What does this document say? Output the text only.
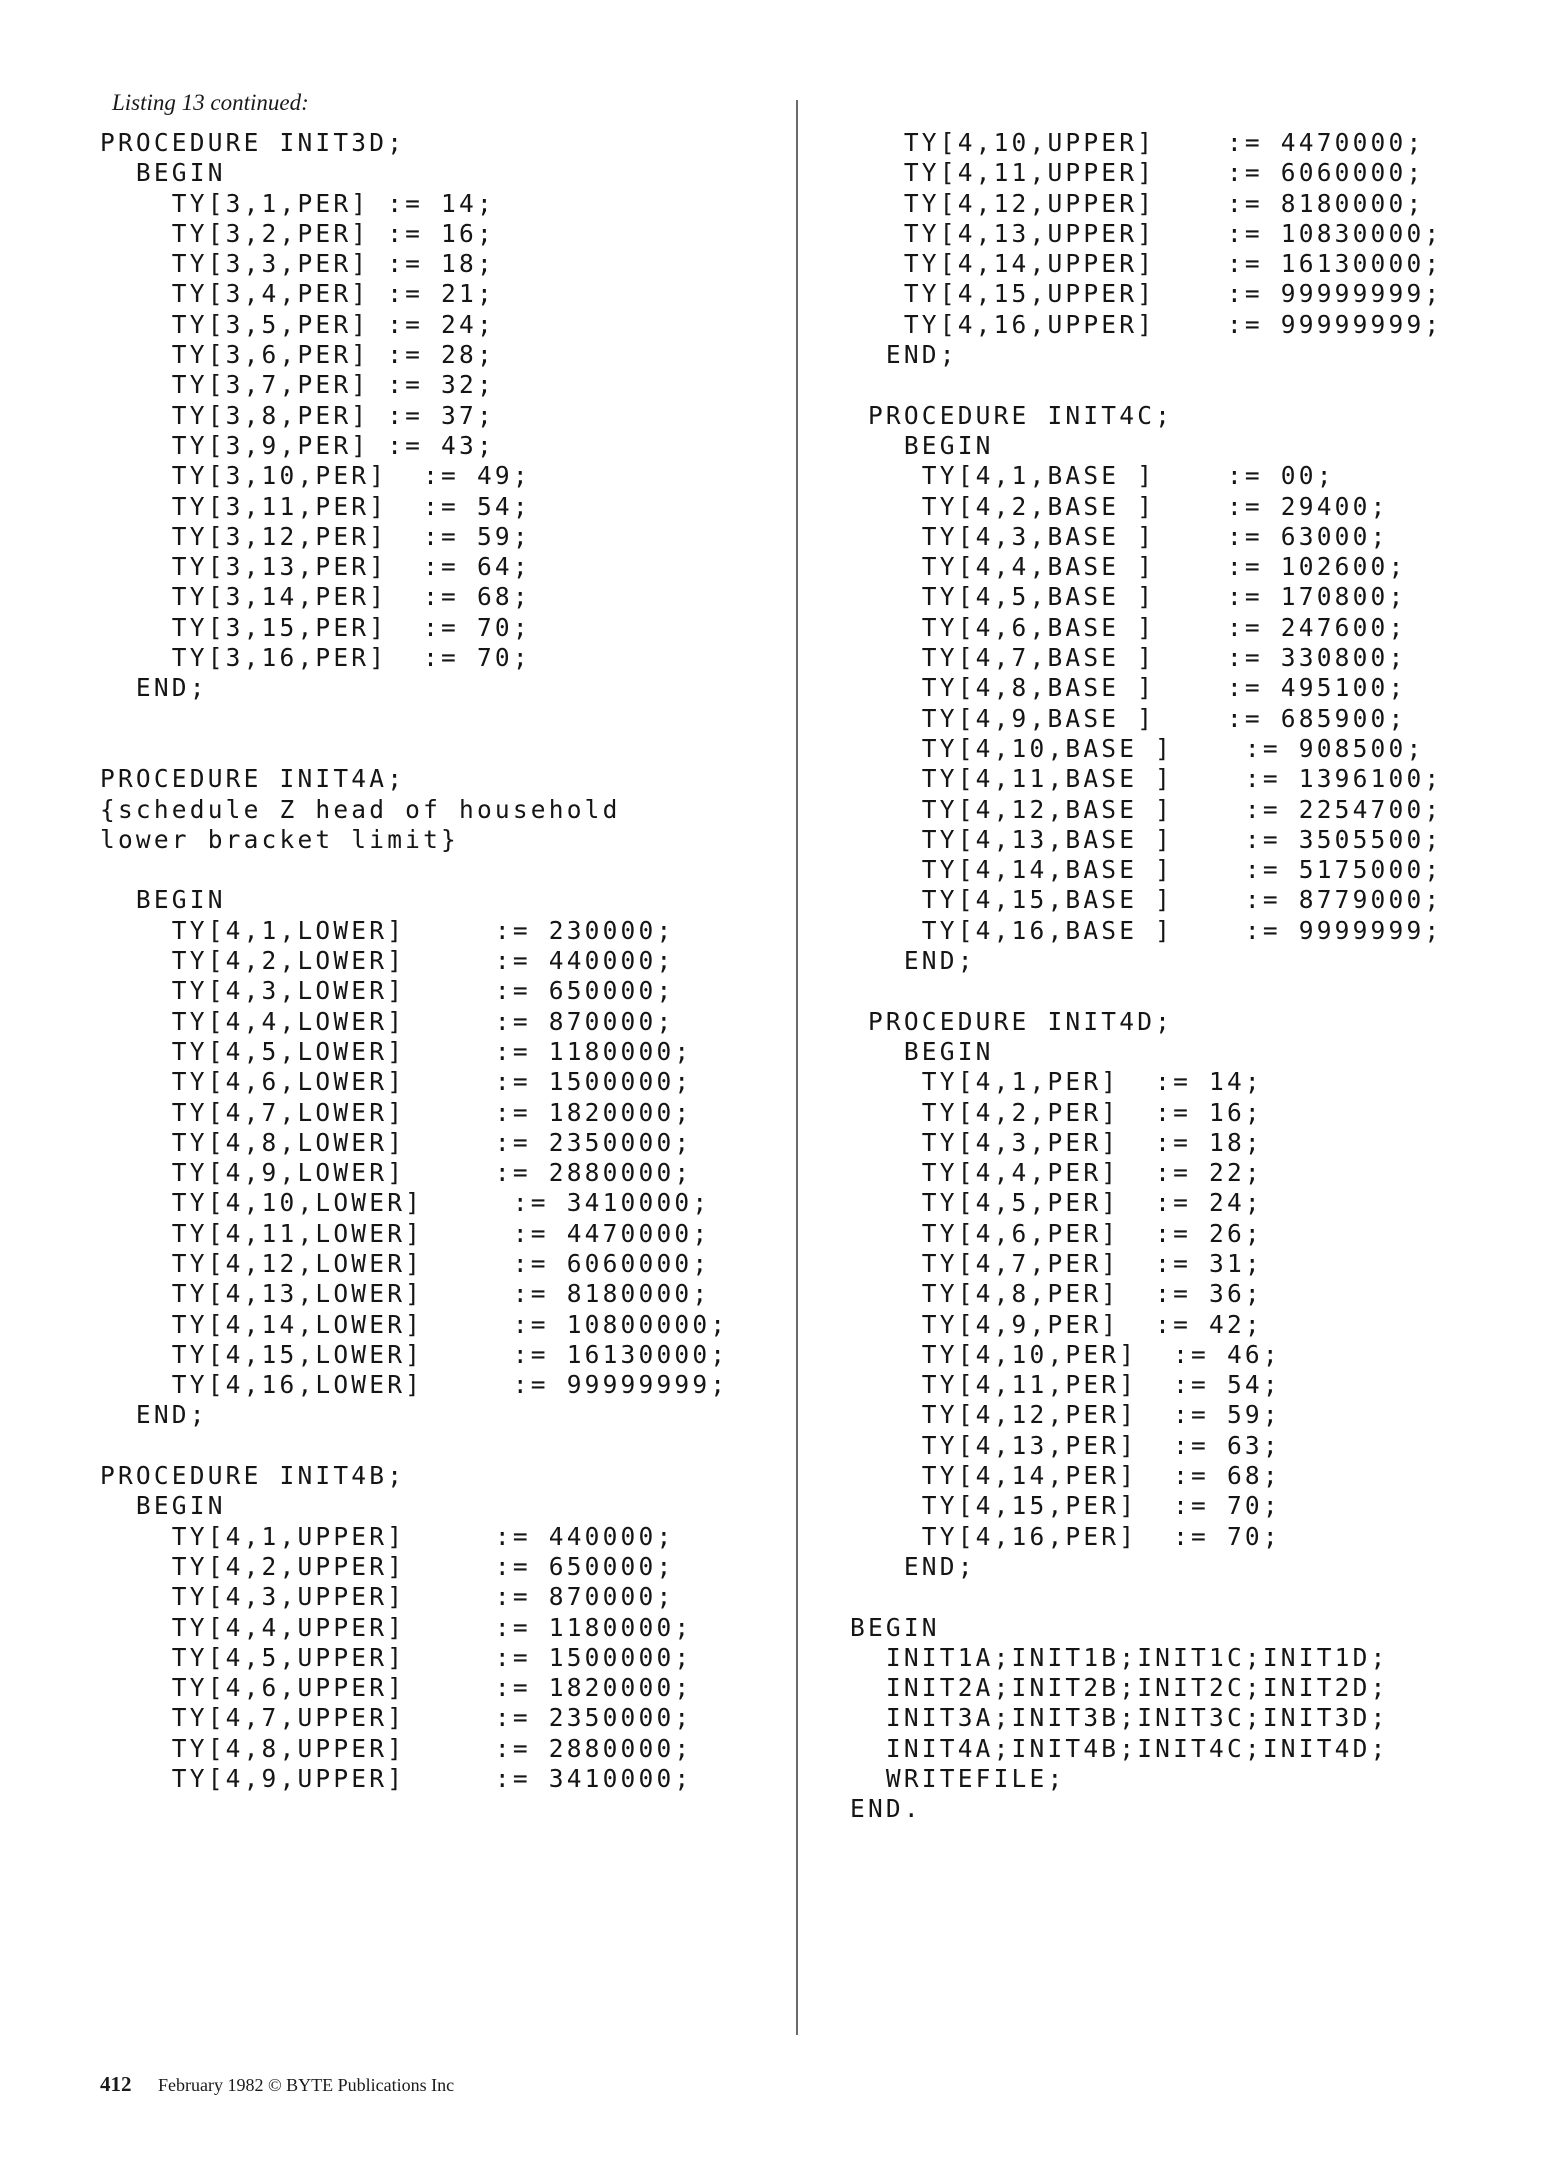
Listing 13 continued:
PROCEDURE INIT3D;
BEGIN
TY[3,1,PER] := 14;
TY[3,2,PER] := 16;
TY[3,3,PER] := 18;
TY[3,4,PER] := 21;
TY[3,5,PER] := 24;
TY[3,6,PER] := 28;
TY[3,7,PER] := 32;
TY[3,8,PER] := 37;
TY[3,9,PER] := 43;
TY[3,10,PER]  := 49;
TY[3,11,PER]  := 54;
TY[3,12,PER]  := 59;
TY[3,13,PER]  := 64;
TY[3,14,PER]  := 68;
TY[3,15,PER]  := 70;
TY[3,16,PER]  := 70;
END;
PROCEDURE INIT4A;
{schedule Z head of household
lower bracket limit}
BEGIN
TY[4,1,LOWER]     := 230000;
TY[4,2,LOWER]     := 440000;
TY[4,3,LOWER]     := 650000;
TY[4,4,LOWER]     := 870000;
TY[4,5,LOWER]     := 1180000;
TY[4,6,LOWER]     := 1500000;
TY[4,7,LOWER]     := 1820000;
TY[4,8,LOWER]     := 2350000;
TY[4,9,LOWER]     := 2880000;
TY[4,10,LOWER]     := 3410000;
TY[4,11,LOWER]     := 4470000;
TY[4,12,LOWER]     := 6060000;
TY[4,13,LOWER]     := 8180000;
TY[4,14,LOWER]     := 10800000;
TY[4,15,LOWER]     := 16130000;
TY[4,16,LOWER]     := 99999999;
END;
PROCEDURE INIT4B;
BEGIN
TY[4,1,UPPER]     := 440000;
TY[4,2,UPPER]     := 650000;
TY[4,3,UPPER]     := 870000;
TY[4,4,UPPER]     := 1180000;
TY[4,5,UPPER]     := 1500000;
TY[4,6,UPPER]     := 1820000;
TY[4,7,UPPER]     := 2350000;
TY[4,8,UPPER]     := 2880000;
TY[4,9,UPPER]     := 3410000;
TY[4,10,UPPER]    := 4470000;
TY[4,11,UPPER]    := 6060000;
TY[4,12,UPPER]    := 8180000;
TY[4,13,UPPER]    := 10830000;
TY[4,14,UPPER]    := 16130000;
TY[4,15,UPPER]    := 99999999;
TY[4,16,UPPER]    := 99999999;
END;
PROCEDURE INIT4C;
BEGIN
TY[4,1,BASE ]    := 00;
TY[4,2,BASE ]    := 29400;
TY[4,3,BASE ]    := 63000;
TY[4,4,BASE ]    := 102600;
TY[4,5,BASE ]    := 170800;
TY[4,6,BASE ]    := 247600;
TY[4,7,BASE ]    := 330800;
TY[4,8,BASE ]    := 495100;
TY[4,9,BASE ]    := 685900;
TY[4,10,BASE ]    := 908500;
TY[4,11,BASE ]    := 1396100;
TY[4,12,BASE ]    := 2254700;
TY[4,13,BASE ]    := 3505500;
TY[4,14,BASE ]    := 5175000;
TY[4,15,BASE ]    := 8779000;
TY[4,16,BASE ]    := 9999999;
END;
PROCEDURE INIT4D;
BEGIN
TY[4,1,PER]  := 14;
TY[4,2,PER]  := 16;
TY[4,3,PER]  := 18;
TY[4,4,PER]  := 22;
TY[4,5,PER]  := 24;
TY[4,6,PER]  := 26;
TY[4,7,PER]  := 31;
TY[4,8,PER]  := 36;
TY[4,9,PER]  := 42;
TY[4,10,PER]  := 46;
TY[4,11,PER]  := 54;
TY[4,12,PER]  := 59;
TY[4,13,PER]  := 63;
TY[4,14,PER]  := 68;
TY[4,15,PER]  := 70;
TY[4,16,PER]  := 70;
END;
BEGIN
INIT1A;INIT1B;INIT1C;INIT1D;
INIT2A;INIT2B;INIT2C;INIT2D;
INIT3A;INIT3B;INIT3C;INIT3D;
INIT4A;INIT4B;INIT4C;INIT4D;
WRITEFILE;
END.
412 February 1982 © BYTE Publications Inc
